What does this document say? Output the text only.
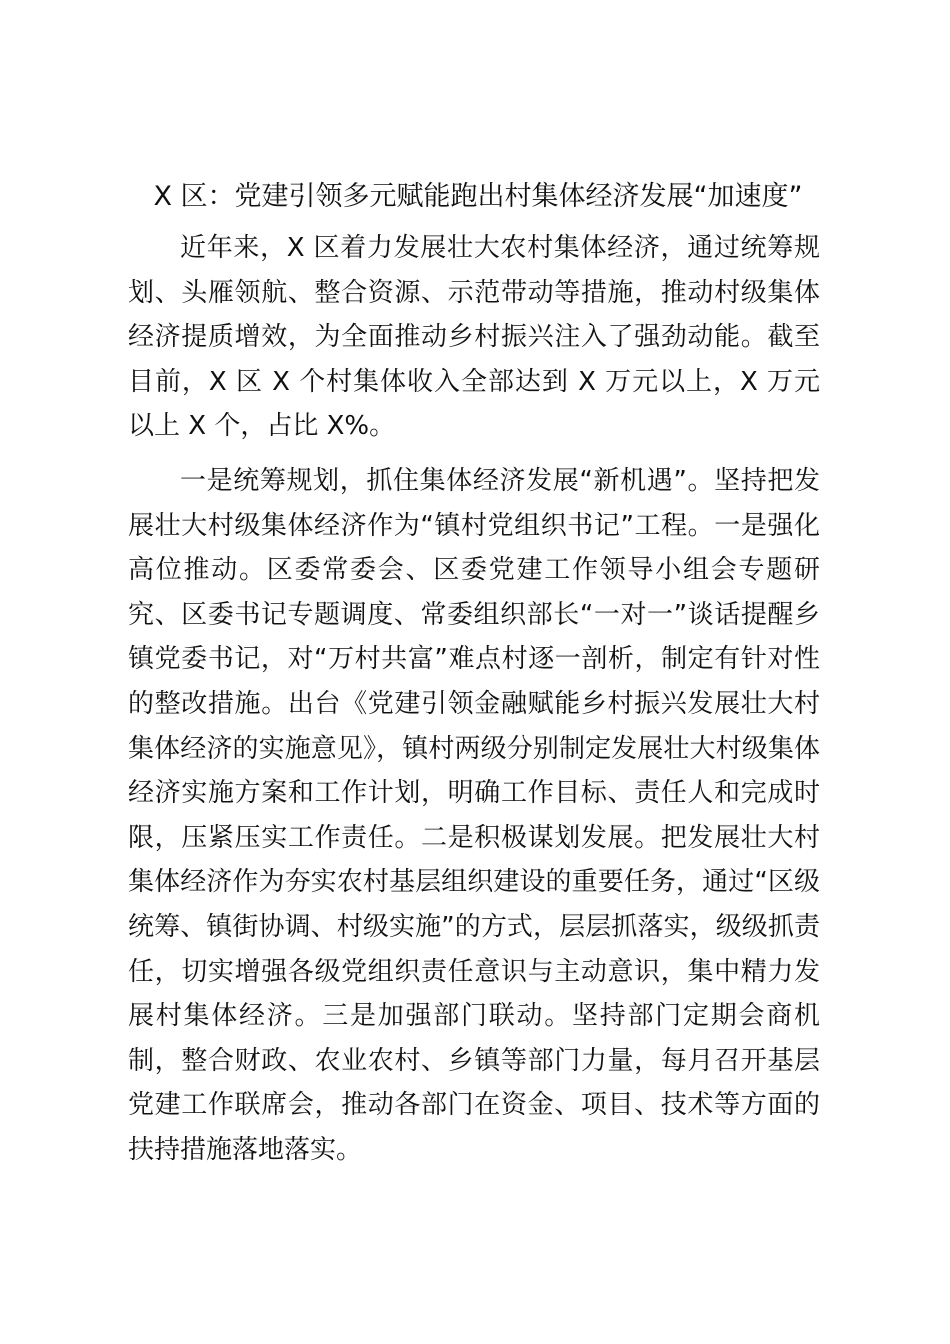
X 区：党建引领多元赋能跑出村集体经济发展“加速度”

近年来，X 区着力发展壮大农村集体经济，通过统筹规划、头雁领航、整合资源、示范带动等措施，推动村级集体经济提质增效，为全面推动乡村振兴注入了强劲动能。截至目前，X 区 X 个村集体收入全部达到 X 万元以上，X 万元以上 X 个，占比 X%。

一是统筹规划，抓住集体经济发展“新机遇”。坚持把发展壮大村级集体经济作为“镇村党组织书记”工程。一是强化高位推动。区委常委会、区委党建工作领导小组会专题研究、区委书记专题调度、常委组织部长“一对一”谈话提醒乡镇党委书记，对“万村共富”难点村逐一剖析，制定有针对性的整改措施。出台《党建引领金融赋能乡村振兴发展壮大村集体经济的实施意见》，镇村两级分别制定发展壮大村级集体经济实施方案和工作计划，明确工作目标、责任人和完成时限，压紧压实工作责任。二是积极谋划发展。把发展壮大村集体经济作为夯实农村基层组织建设的重要任务，通过“区级统筹、镇街协调、村级实施”的方式，层层抓落实，级级抓责任，切实增强各级党组织责任意识与主动意识，集中精力发展村集体经济。三是加强部门联动。坚持部门定期会商机制，整合财政、农业农村、乡镇等部门力量，每月召开基层党建工作联席会，推动各部门在资金、项目、技术等方面的扶持措施落地落实。
